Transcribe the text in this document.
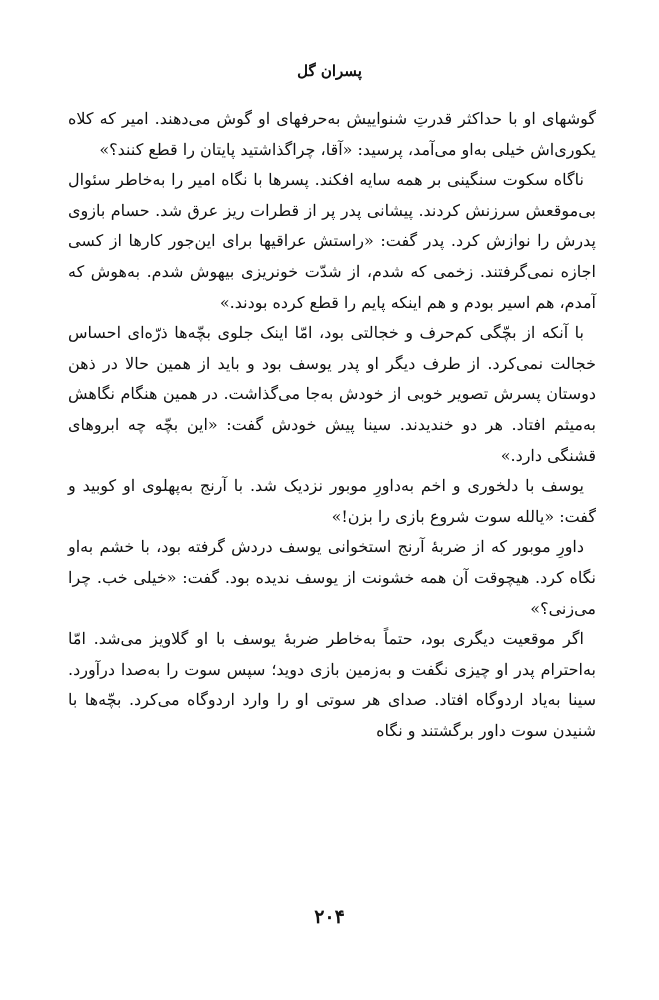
پسران گل

گوشهای او با حداکثر قدرتِ شنواییش به‌حرفهای او گوش می‌دهند. امیر که کلاه یکوری‌اش خیلی به‌او می‌آمد، پرسید: «آقا، چراگذاشتید پایتان را قطع کنند؟»

ناگاه سکوت سنگینی بر همه سایه افکند. پسرها با نگاه امیر را به‌خاطر سئوال بی‌موقعش سرزنش کردند. پیشانی پدر پر از قطرات ریز عرق شد. حسام بازوی پدرش را نوازش کرد. پدر گفت: «راستش عراقیها برای این‌جور کارها از کسی اجازه نمی‌گرفتند. زخمی که شدم، از شدّت خونریزی بیهوش شدم. به‌هوش که آمدم، هم اسیر بودم و هم اینکه پایم را قطع کرده بودند.»

با آنکه از بچّگی کم‌حرف و خجالتی بود، امّا اینک جلوی بچّه‌ها ذرّه‌ای احساس خجالت نمی‌کرد. از طرف دیگر او پدر یوسف بود و باید از همین حالا در ذهن دوستان پسرش تصویر خوبی از خودش به‌جا می‌گذاشت. در همین هنگام نگاهش به‌میثم افتاد. هر دو خندیدند. سینا پیش خودش گفت: «این بچّه چه ابروهای قشنگی دارد.»

یوسف با دلخوری و اخم به‌داورِ موبور نزدیک شد. با آرنج به‌پهلوی او کوبید و گفت: «یالله سوت شروع بازی را بزن!»

داورِ موبور که از ضربهٔ آرنج استخوانی یوسف دردش گرفته بود، با خشم به‌او نگاه کرد. هیچوقت آن همه خشونت از یوسف ندیده بود. گفت: «خیلی خب. چرا می‌زنی؟»

اگر موقعیت دیگری بود، حتماً به‌خاطر ضربهٔ یوسف با او گلاویز می‌شد. امّا به‌احترام پدر او چیزی نگفت و به‌زمین بازی دوید؛ سپس سوت را به‌صدا درآورد. سینا به‌یاد اردوگاه افتاد. صدای هر سوتی او را وارد اردوگاه می‌کرد. بچّه‌ها با شنیدن سوت داور برگشتند و نگاه

۲۰۴
